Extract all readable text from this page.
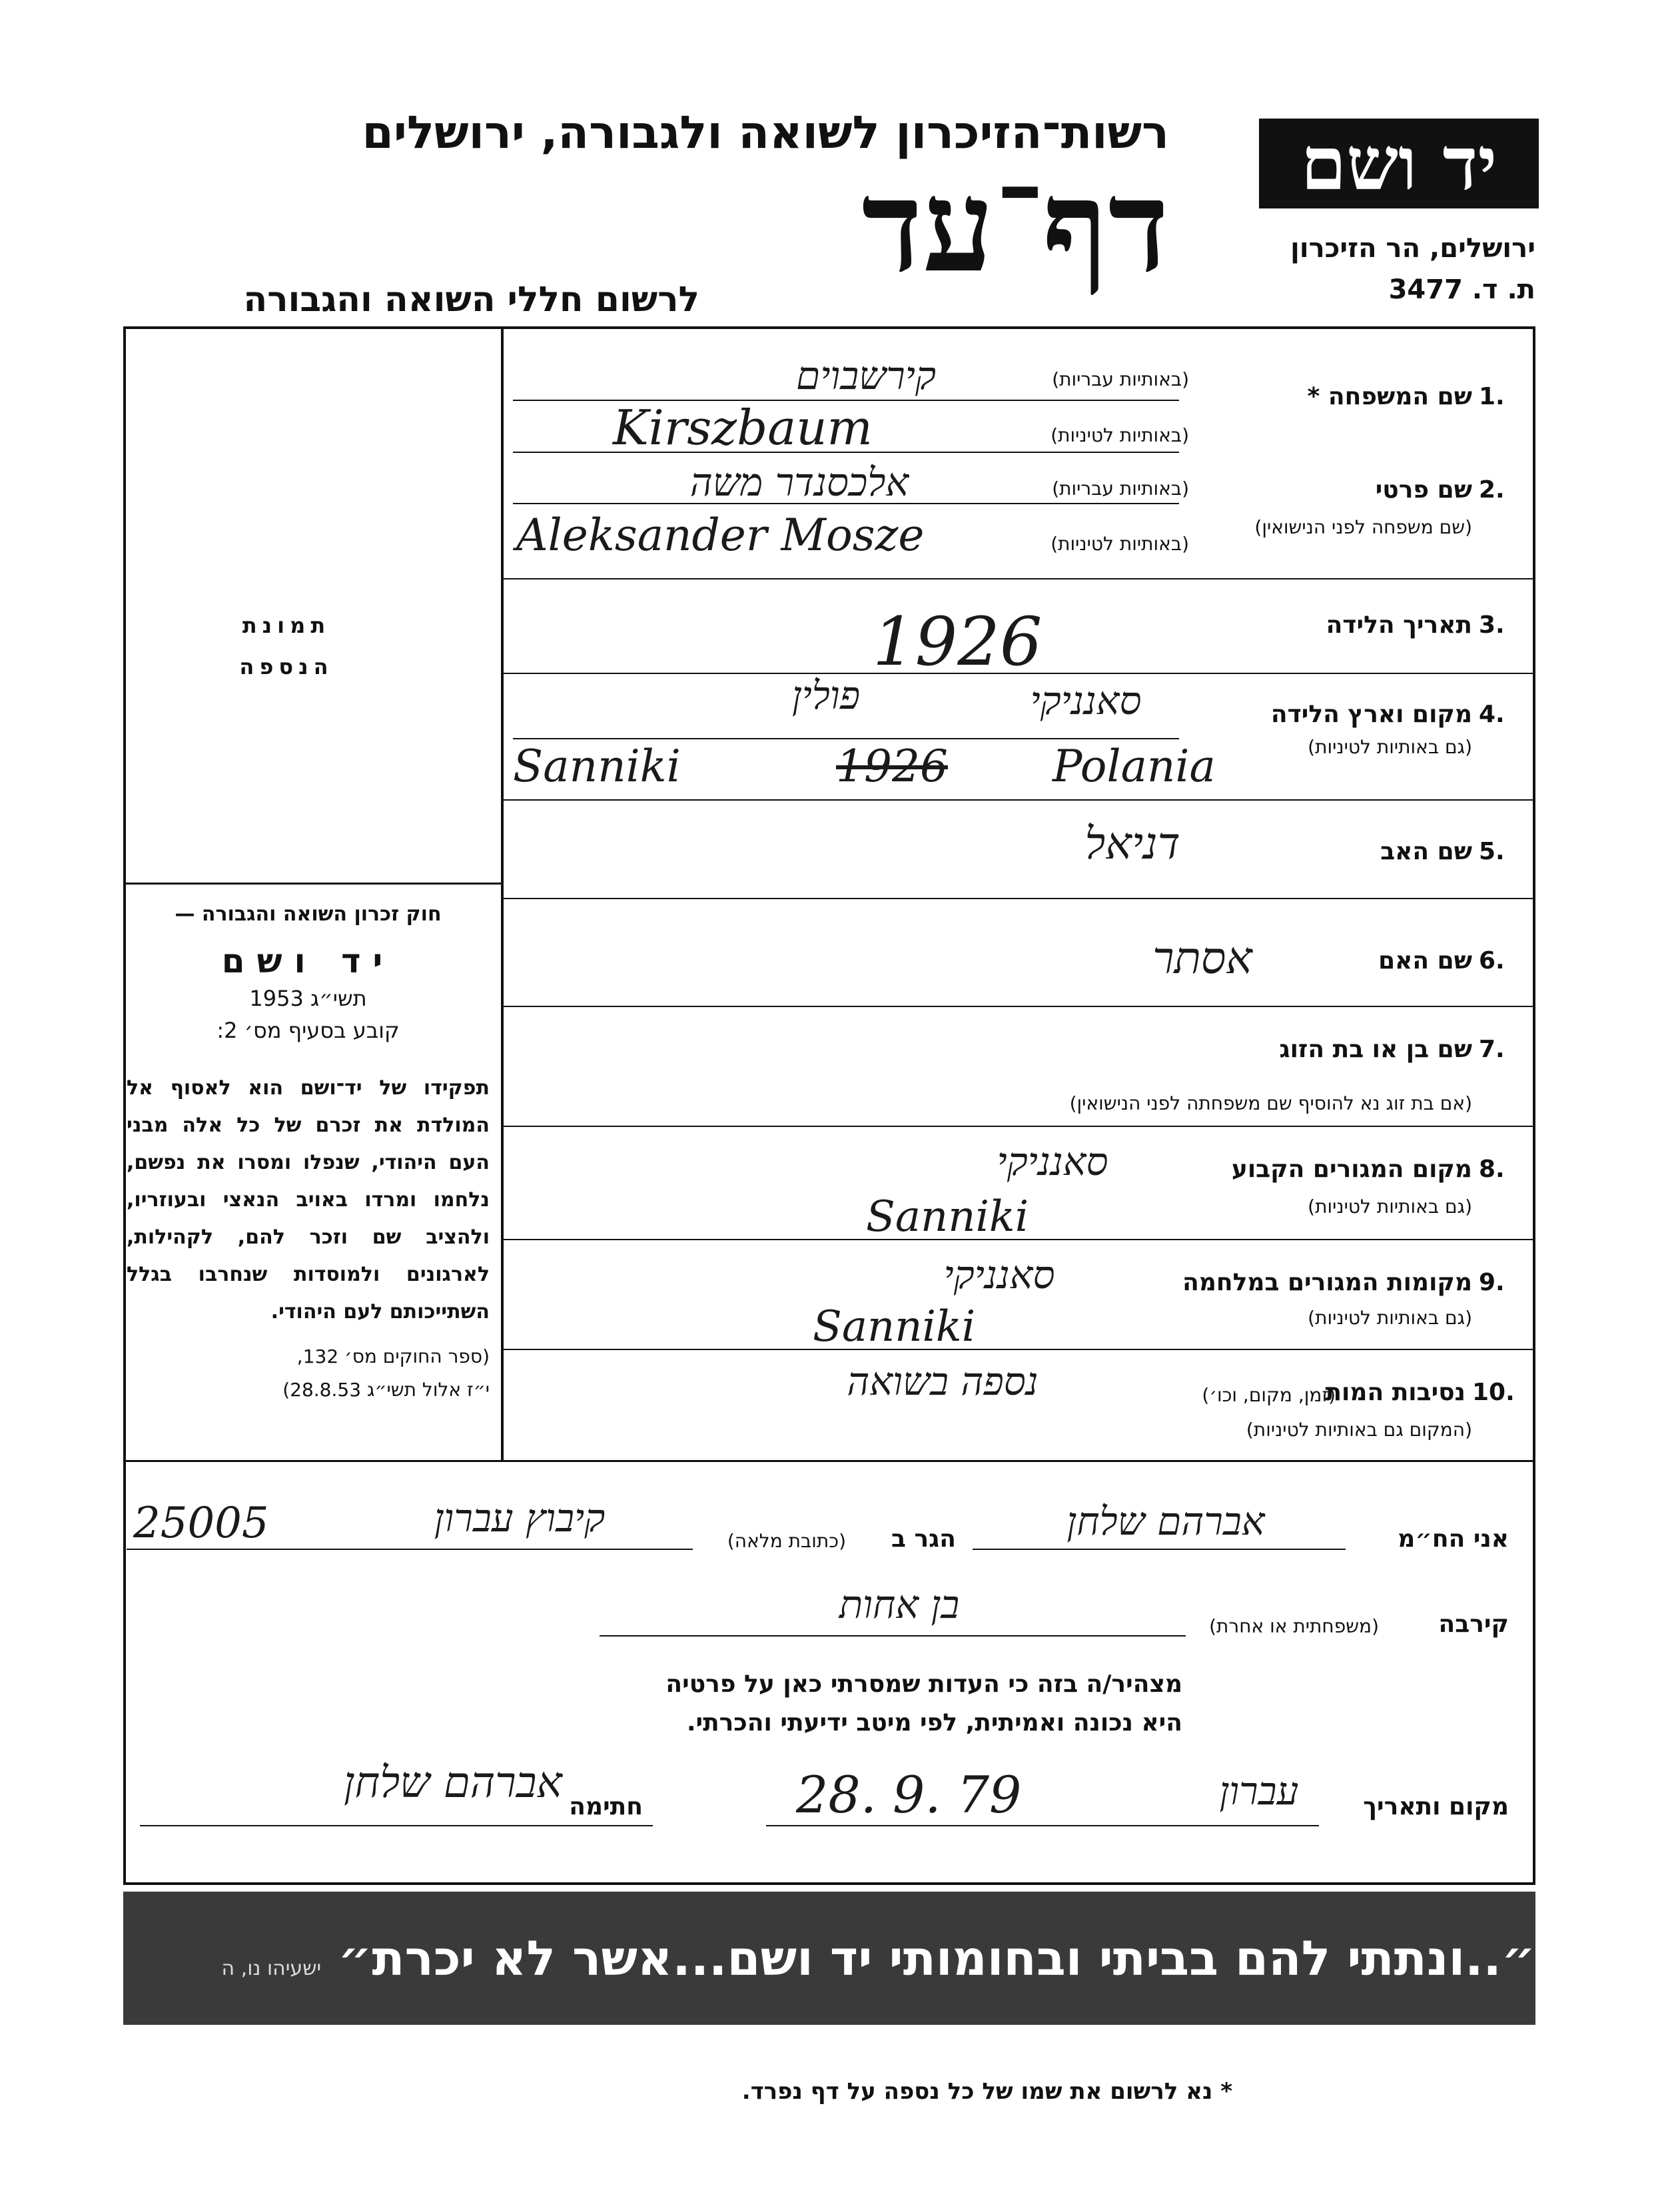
יד ושם
רשות־הזיכרון לשואה ולגבורה, ירושלים
דף־עד
לרשום חללי השואה והגבורה
ירושלים, הר הזיכרון
ת. ד. 3477
1.
שם המשפחה *
(באותיות עבריות)
(באותיות לטיניות)
קירשבוים
Kirszbaum
2.
שם פרטי
(שם משפחה לפני הנישואין)
(באותיות עבריות)
(באותיות לטיניות)
אלכסנדר משה
Aleksander Mosze
3.
תאריך הלידה
1926
4.
מקום וארץ הלידה
(גם באותיות לטיניות)
סאנניקי
פולין
Sanniki	1926	Polania
5.
שם האב
דניאל
6.
שם האם
אסתר
7.
שם בן או בת הזוג
(אם בת זוג נא להוסיף שם משפחתה לפני הנישואין)
8.
מקום המגורים הקבוע
(גם באותיות לטיניות)
סאנניקי
Sanniki
9.
מקומות המגורים במלחמה
(גם באותיות לטיניות)
סאנניקי
Sanniki
10.
נסיבות המות
(זמן, מקום, וכו׳)
(המקום גם באותיות לטיניות)
נספה בשואה
תמונת
הנספה
חוק זכרון השואה והגבורה —
יד ושם
תשי״ג 1953
קובע בסעיף מס׳ 2:
תפקידו של יד־ושם הוא לאסוף אל המולדת את זכרם של כל אלה מבני העם היהודי, שנפלו ומסרו את נפשם, נלחמו ומרדו באויב הנאצי ובעוזריו, ולהציב שם וזכר להם, לקהילות, לארגונים ולמוסדות שנחרבו בגלל השתייכותם לעם היהודי.
(ספר החוקים מס׳ 132,
י״ז אלול תשי״ג 28.8.53)
אני הח״מ
אברהם שלחן
הגר ב
(כתובת מלאה)
קיבוץ עברון
25005
קירבה
(משפחתית או אחרת)
בן אחות
מצהיר/ה בזה כי העדות שמסרתי כאן על פרטיה
היא נכונה ואמיתית, לפי מיטב ידיעתי והכרתי.
מקום ותאריך
עברון
28. 9. 79
חתימה
אברהם שלחן
״..ונתתי להם בביתי ובחומותי יד ושם...אשר לא יכרת״ ישעיהו נו, ה
* נא לרשום את שמו של כל נספה על דף נפרד.
